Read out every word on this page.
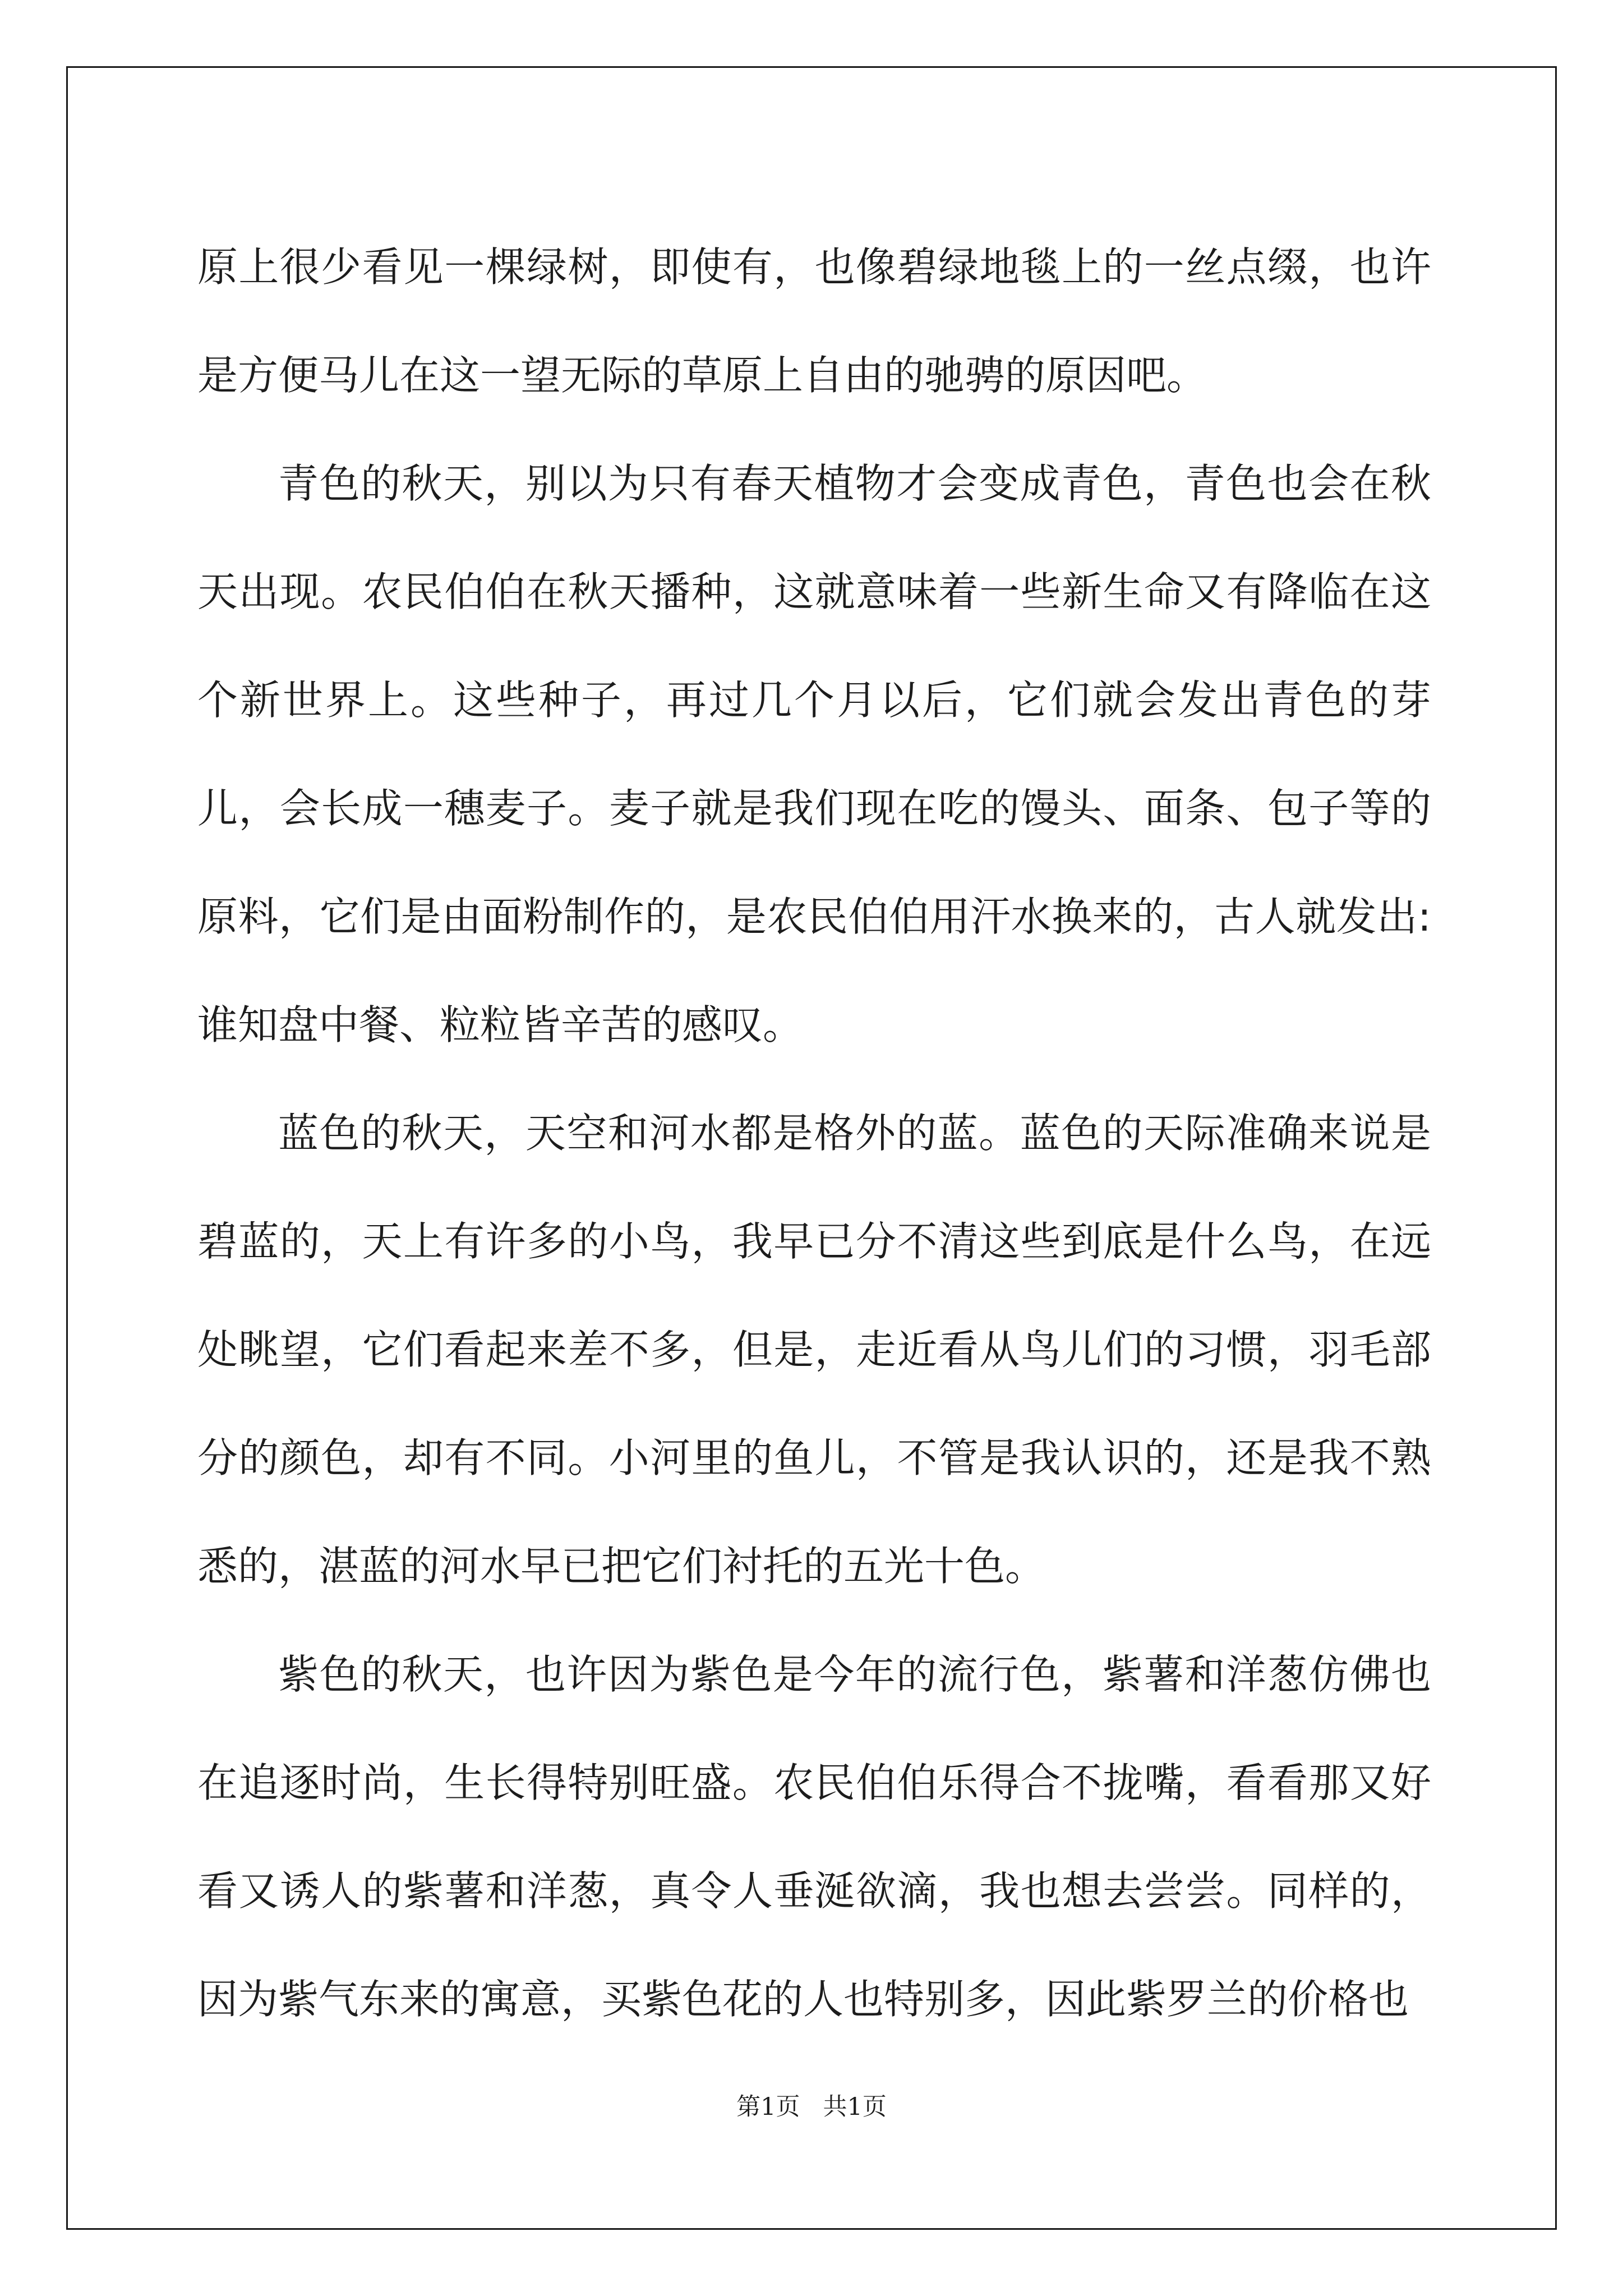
原上很少看见一棵绿树，即使有，也像碧绿地毯上的一丝点缀，也许是方便马儿在这一望无际的草原上自由的驰骋的原因吧。

青色的秋天，别以为只有春天植物才会变成青色，青色也会在秋天出现。农民伯伯在秋天播种，这就意味着一些新生命又有降临在这个新世界上。这些种子，再过几个月以后，它们就会发出青色的芽儿，会长成一穗麦子。麦子就是我们现在吃的馒头、面条、包子等的原料，它们是由面粉制作的，是农民伯伯用汗水换来的，古人就发出:谁知盘中餐、粒粒皆辛苦的感叹。

蓝色的秋天，天空和河水都是格外的蓝。蓝色的天际准确来说是碧蓝的，天上有许多的小鸟，我早已分不清这些到底是什么鸟，在远处眺望，它们看起来差不多，但是，走近看从鸟儿们的习惯，羽毛部分的颜色，却有不同。小河里的鱼儿，不管是我认识的，还是我不熟悉的，湛蓝的河水早已把它们衬托的五光十色。

紫色的秋天，也许因为紫色是今年的流行色，紫薯和洋葱仿佛也在追逐时尚，生长得特别旺盛。农民伯伯乐得合不拢嘴，看看那又好看又诱人的紫薯和洋葱，真令人垂涎欲滴，我也想去尝尝。同样的，因为紫气东来的寓意，买紫色花的人也特别多，因此紫罗兰的价格也

第1页   共1页
